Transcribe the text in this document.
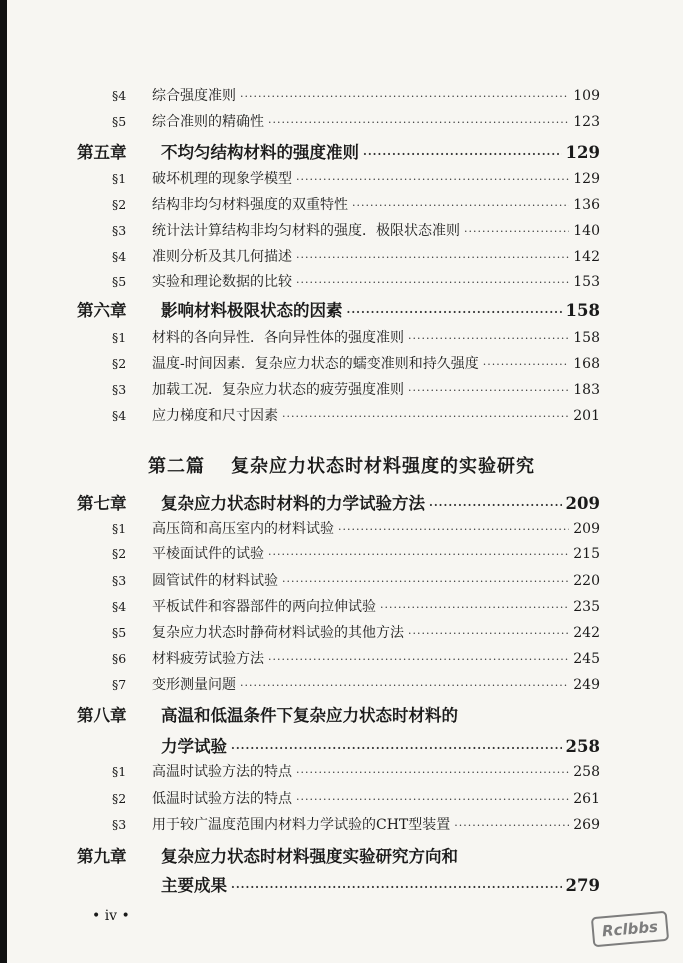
§4	综合强度准则 ·····	109
§5	综合准则的精确性 ·····	123
第五章	不均匀结构材料的强度准则 ·····	129
§1	破坏机理的现象学模型 ·····	129
§2	结构非均匀材料强度的双重特性 ·····	136
§3	统计法计算结构非均匀材料的强度．极限状态准则 ·····	140
§4	准则分析及其几何描述 ·····	142
§5	实验和理论数据的比较 ·····	153
第六章	影响材料极限状态的因素 ·····	158
§1	材料的各向异性．各向异性体的强度准则 ·····	158
§2	温度-时间因素．复杂应力状态的蠕变准则和持久强度 ·····	168
§3	加载工况．复杂应力状态的疲劳强度准则 ·····	183
§4	应力梯度和尺寸因素 ·····	201
第七章	复杂应力状态时材料的力学试验方法 ·····	209
§1	高压筒和高压室内的材料试验 ·····	209
§2	平棱面试件的试验 ·····	215
§3	圆管试件的材料试验 ·····	220
§4	平板试件和容器部件的两向拉伸试验 ·····	235
§5	复杂应力状态时静荷材料试验的其他方法 ·····	242
§6	材料疲劳试验方法 ·····	245
§7	变形测量问题 ·····	249
第八章	高温和低温条件下复杂应力状态时材料的
力学试验 ·····	258
§1	高温时试验方法的特点 ·····	258
§2	低温时试验方法的特点 ·····	261
§3	用于较广温度范围内材料力学试验的CHT型装置 ·····	269
第九章	复杂应力状态时材料强度实验研究方向和
主要成果 ·····	279
第二篇 复杂应力状态时材料强度的实验研究
• iv •
Rclbbs
